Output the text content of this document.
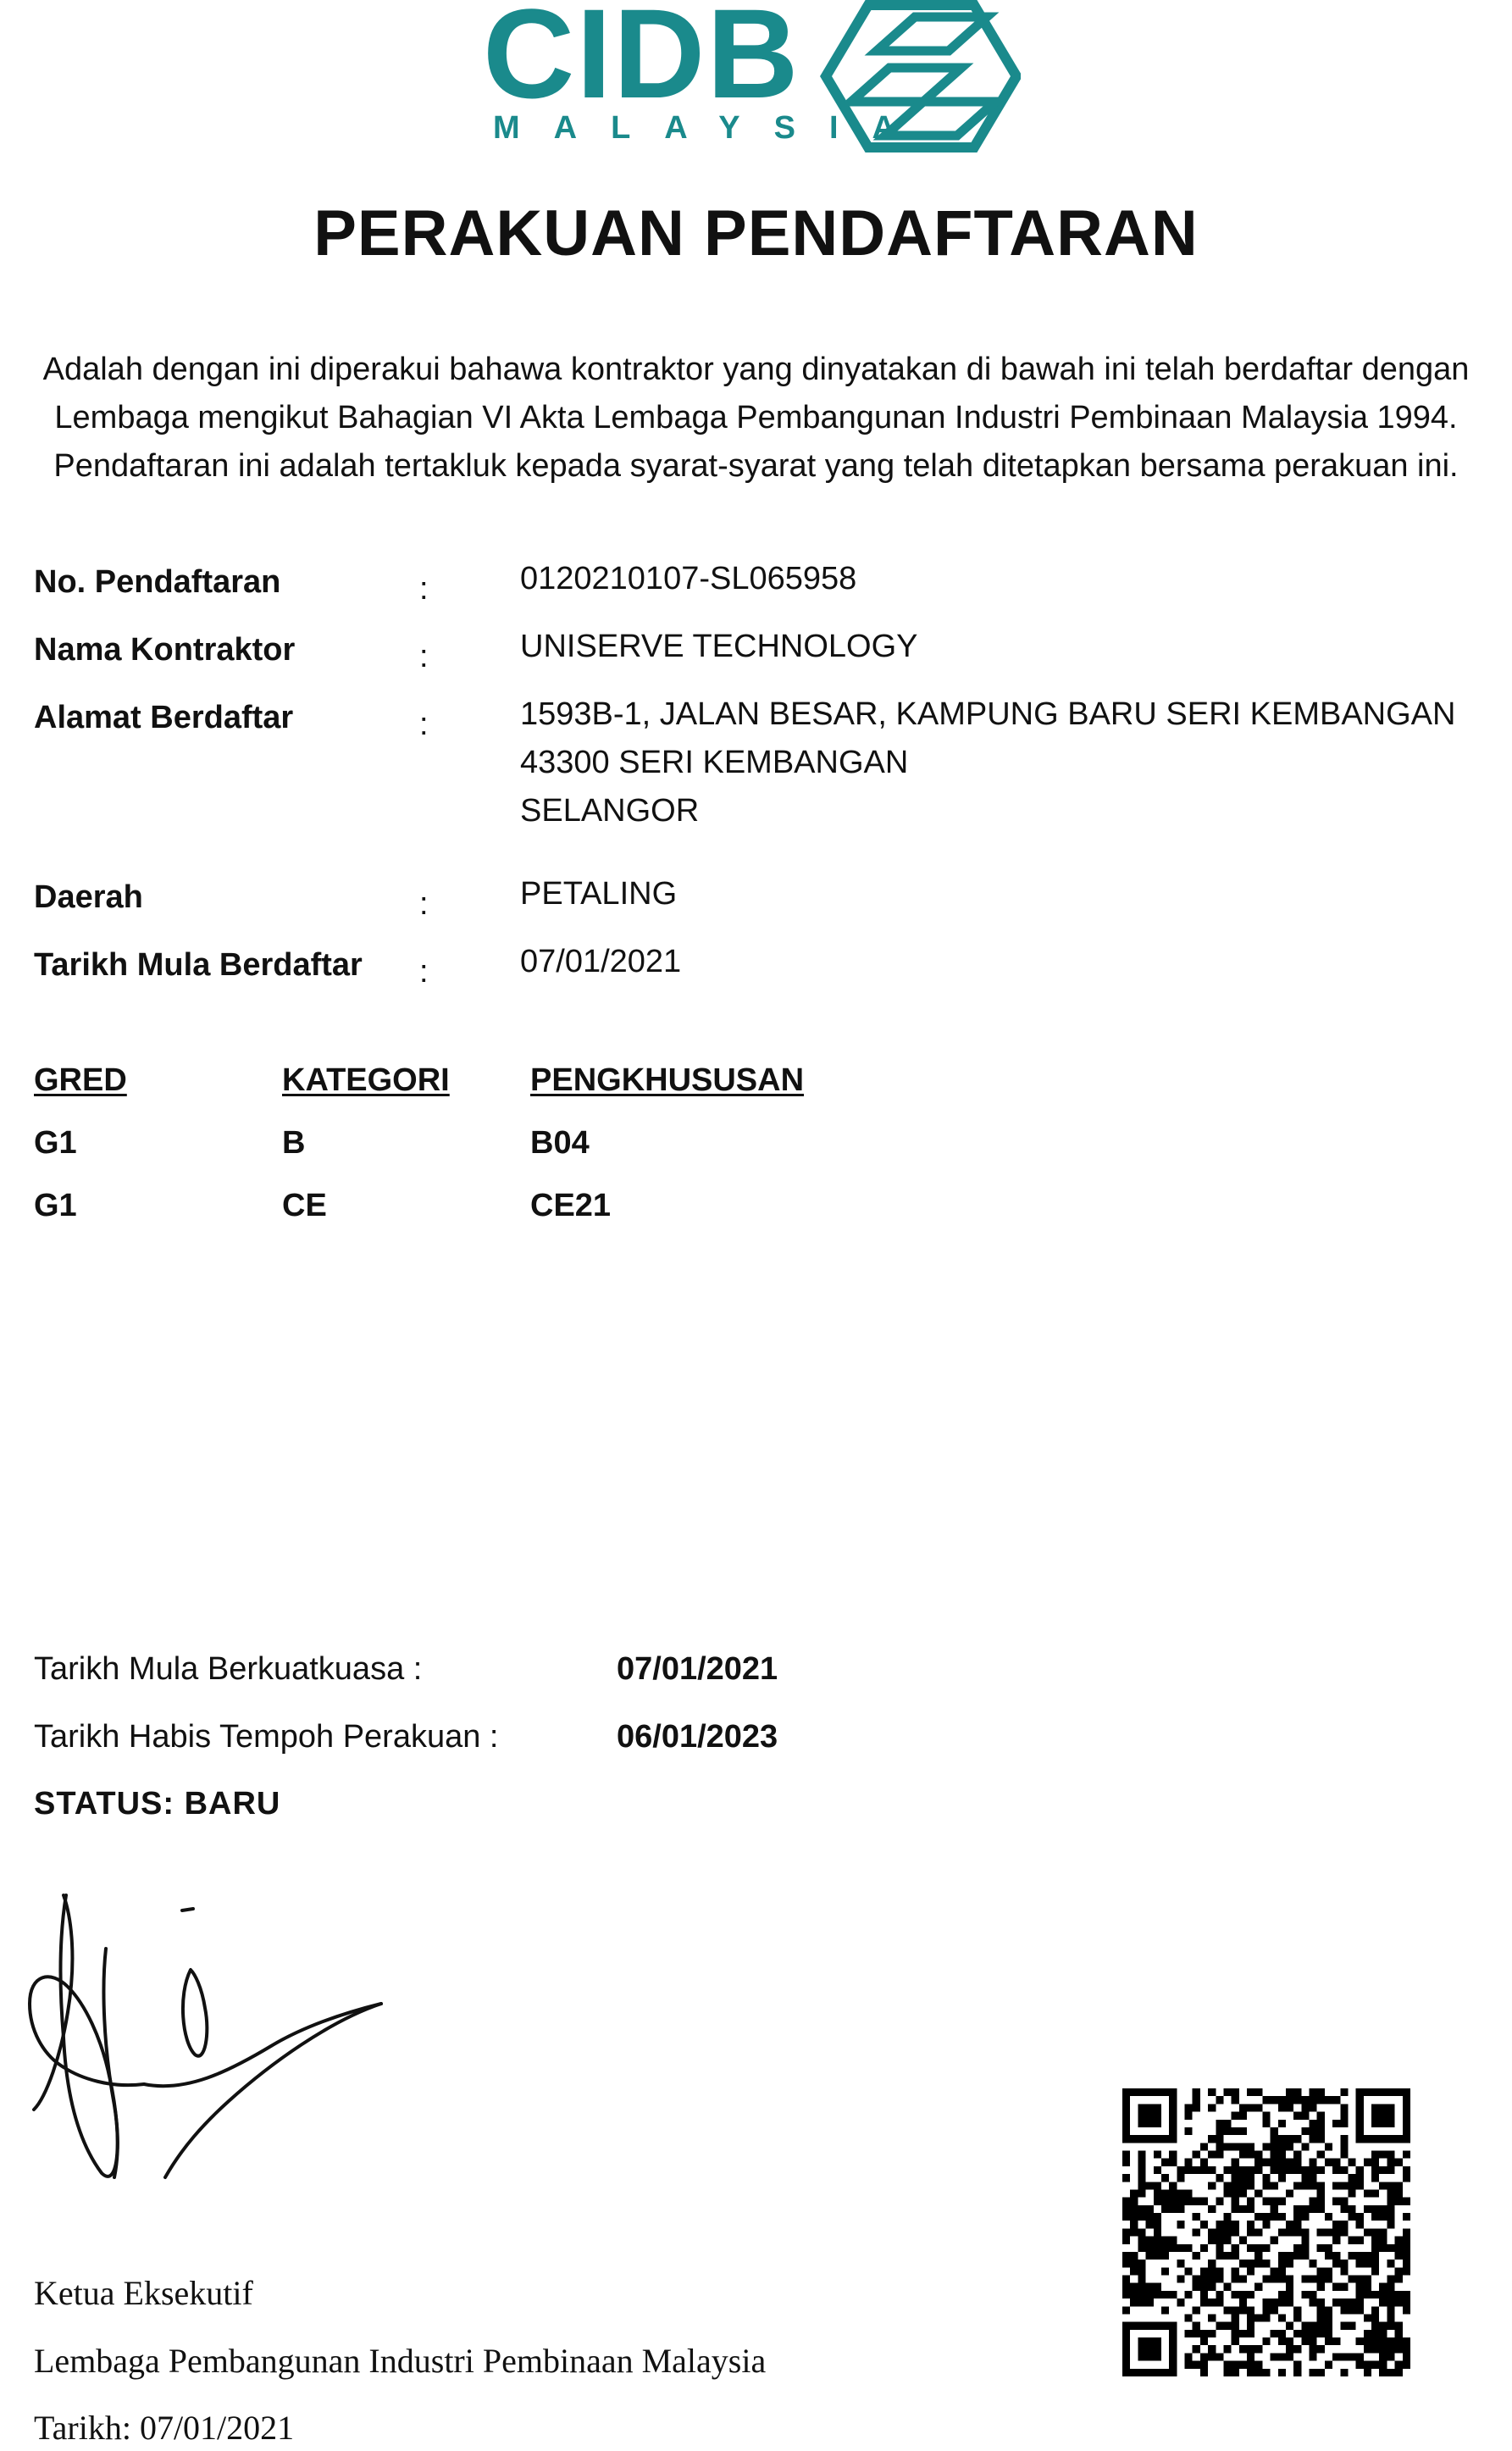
CIDB
MALAYSIA
PERAKUAN PENDAFTARAN
Adalah dengan ini diperakui bahawa kontraktor yang dinyatakan di bawah ini telah berdaftar dengan
Lembaga mengikut Bahagian VI Akta Lembaga Pembangunan Industri Pembinaan Malaysia 1994.
Pendaftaran ini adalah tertakluk kepada syarat-syarat yang telah ditetapkan bersama perakuan ini.
No. Pendaftaran	:	0120210107-SL065958
Nama Kontraktor	:	UNISERVE TECHNOLOGY
Alamat Berdaftar	:	1593B-1, JALAN BESAR, KAMPUNG BARU SERI KEMBANGAN
43300 SERI KEMBANGAN
SELANGOR
Daerah	:	PETALING
Tarikh Mula Berdaftar :	07/01/2021
GRED	KATEGORI	PENGKHUSUSAN
G1	B	B04
G1	CE	CE21
Tarikh Mula Berkuatkuasa :	07/01/2021
Tarikh Habis Tempoh Perakuan :	06/01/2023
STATUS: BARU
Ketua Eksekutif
Lembaga Pembangunan Industri Pembinaan Malaysia
Tarikh: 07/01/2021
